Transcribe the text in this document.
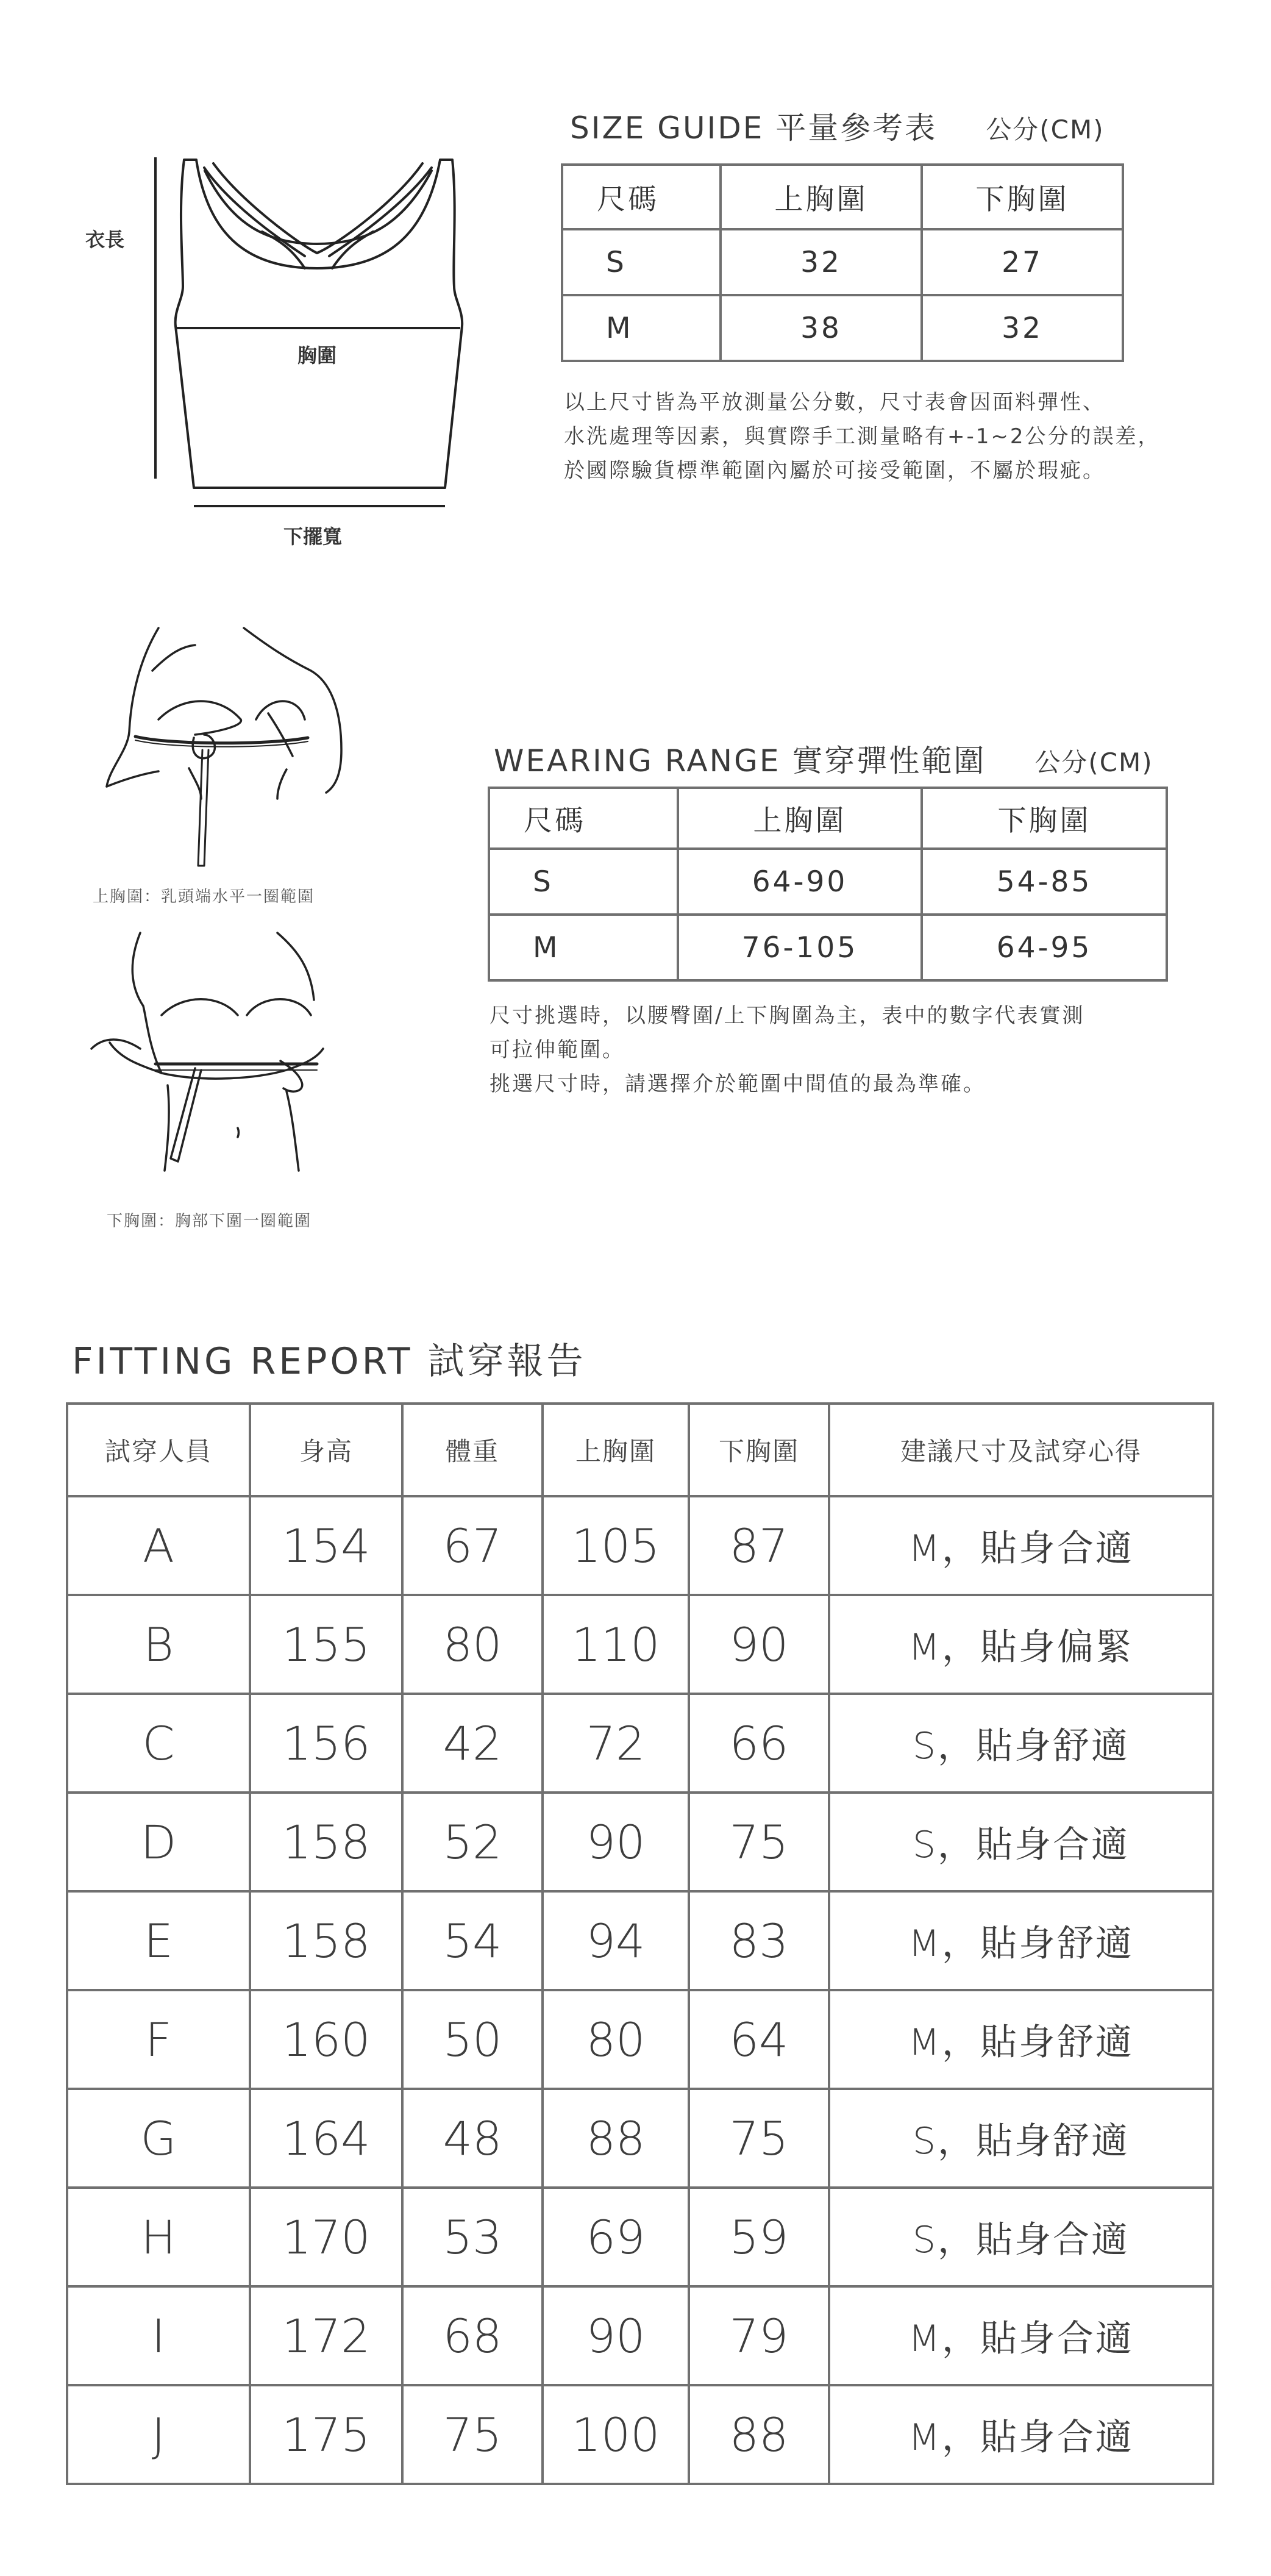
衣長
胸圍
下擺寬
SIZE GUIDE 平量參考表 公分(CM)
尺碼	上胸圍	下胸圍
S	32	27
M	38	32
以上尺寸皆為平放測量公分數，尺寸表會因面料彈性、
水洗處理等因素，與實際手工測量略有+-1~2公分的誤差，
於國際驗貨標準範圍內屬於可接受範圍，不屬於瑕疵。
上胸圍：乳頭端水平一圈範圍
下胸圍：胸部下圍一圈範圍
WEARING RANGE 實穿彈性範圍 公分(CM)
尺碼	上胸圍	下胸圍
S	64-90	54-85
M	76-105	64-95
尺寸挑選時，以腰臀圍/上下胸圍為主，表中的數字代表實測
可拉伸範圍。
挑選尺寸時，請選擇介於範圍中間值的最為準確。
FITTING REPORT 試穿報告
試穿人員	身高	體重	上胸圍	下胸圍	建議尺寸及試穿心得
A	154	67	105	87	M，貼身合適
B	155	80	110	90	M，貼身偏緊
C	156	42	72	66	S，貼身舒適
D	158	52	90	75	S，貼身合適
E	158	54	94	83	M，貼身舒適
F	160	50	80	64	M，貼身舒適
G	164	48	88	75	S，貼身舒適
H	170	53	69	59	S，貼身合適
I	172	68	90	79	M，貼身合適
J	175	75	100	88	M，貼身合適
